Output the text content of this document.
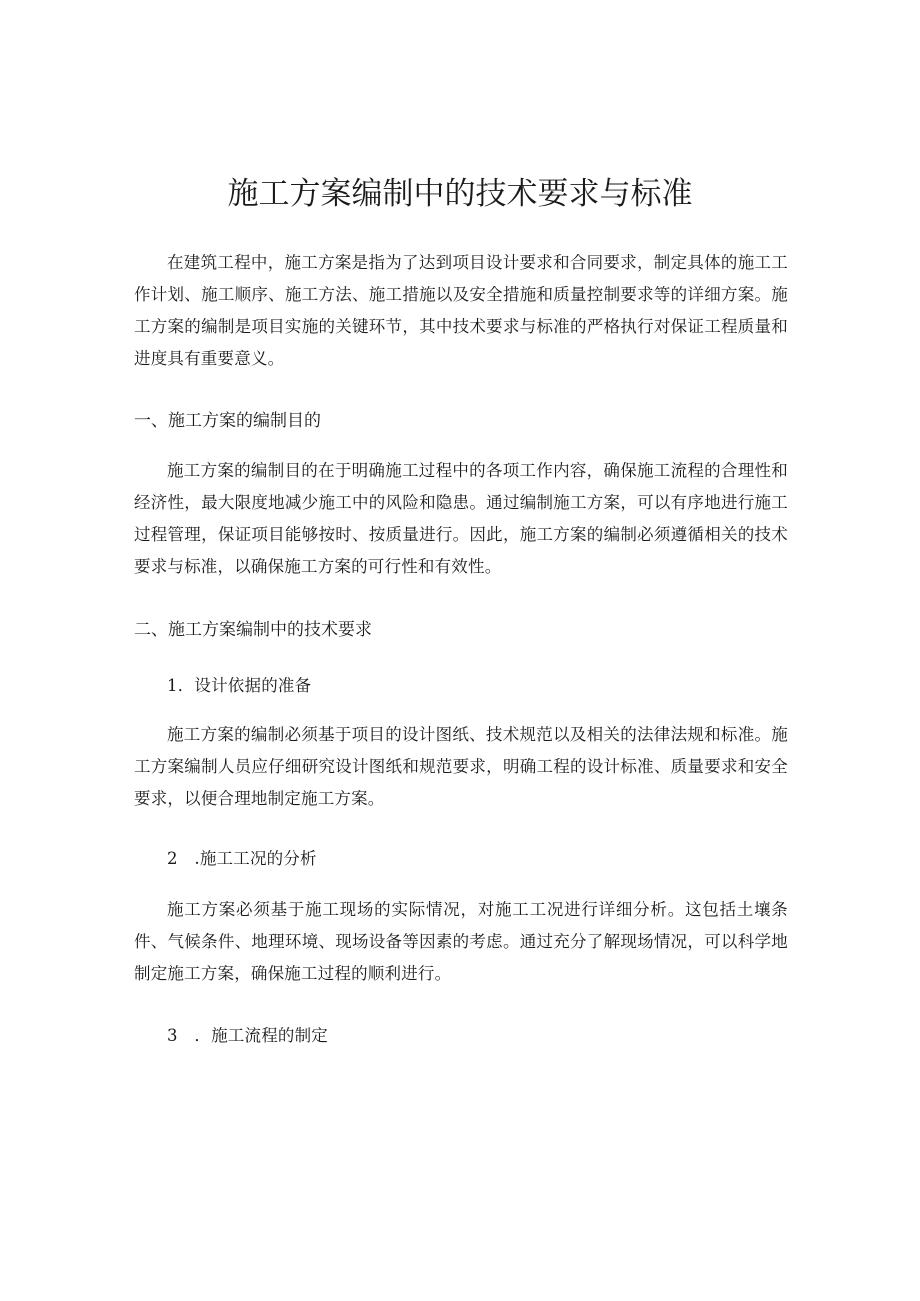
施工方案编制中的技术要求与标准

在建筑工程中，施工方案是指为了达到项目设计要求和合同要求，制定具体的施工工作计划、施工顺序、施工方法、施工措施以及安全措施和质量控制要求等的详细方案。施工方案的编制是项目实施的关键环节，其中技术要求与标准的严格执行对保证工程质量和进度具有重要意义。

一、施工方案的编制目的

施工方案的编制目的在于明确施工过程中的各项工作内容，确保施工流程的合理性和经济性，最大限度地减少施工中的风险和隐患。通过编制施工方案，可以有序地进行施工过程管理，保证项目能够按时、按质量进行。因此，施工方案的编制必须遵循相关的技术要求与标准，以确保施工方案的可行性和有效性。

二、施工方案编制中的技术要求
1．设计依据的准备

施工方案的编制必须基于项目的设计图纸、技术规范以及相关的法律法规和标准。施工方案编制人员应仔细研究设计图纸和规范要求，明确工程的设计标准、质量要求和安全要求，以便合理地制定施工方案。

2　.施工工况的分析

施工方案必须基于施工现场的实际情况，对施工工况进行详细分析。这包括土壤条件、气候条件、地理环境、现场设备等因素的考虑。通过充分了解现场情况，可以科学地制定施工方案，确保施工过程的顺利进行。

3　．施工流程的制定
